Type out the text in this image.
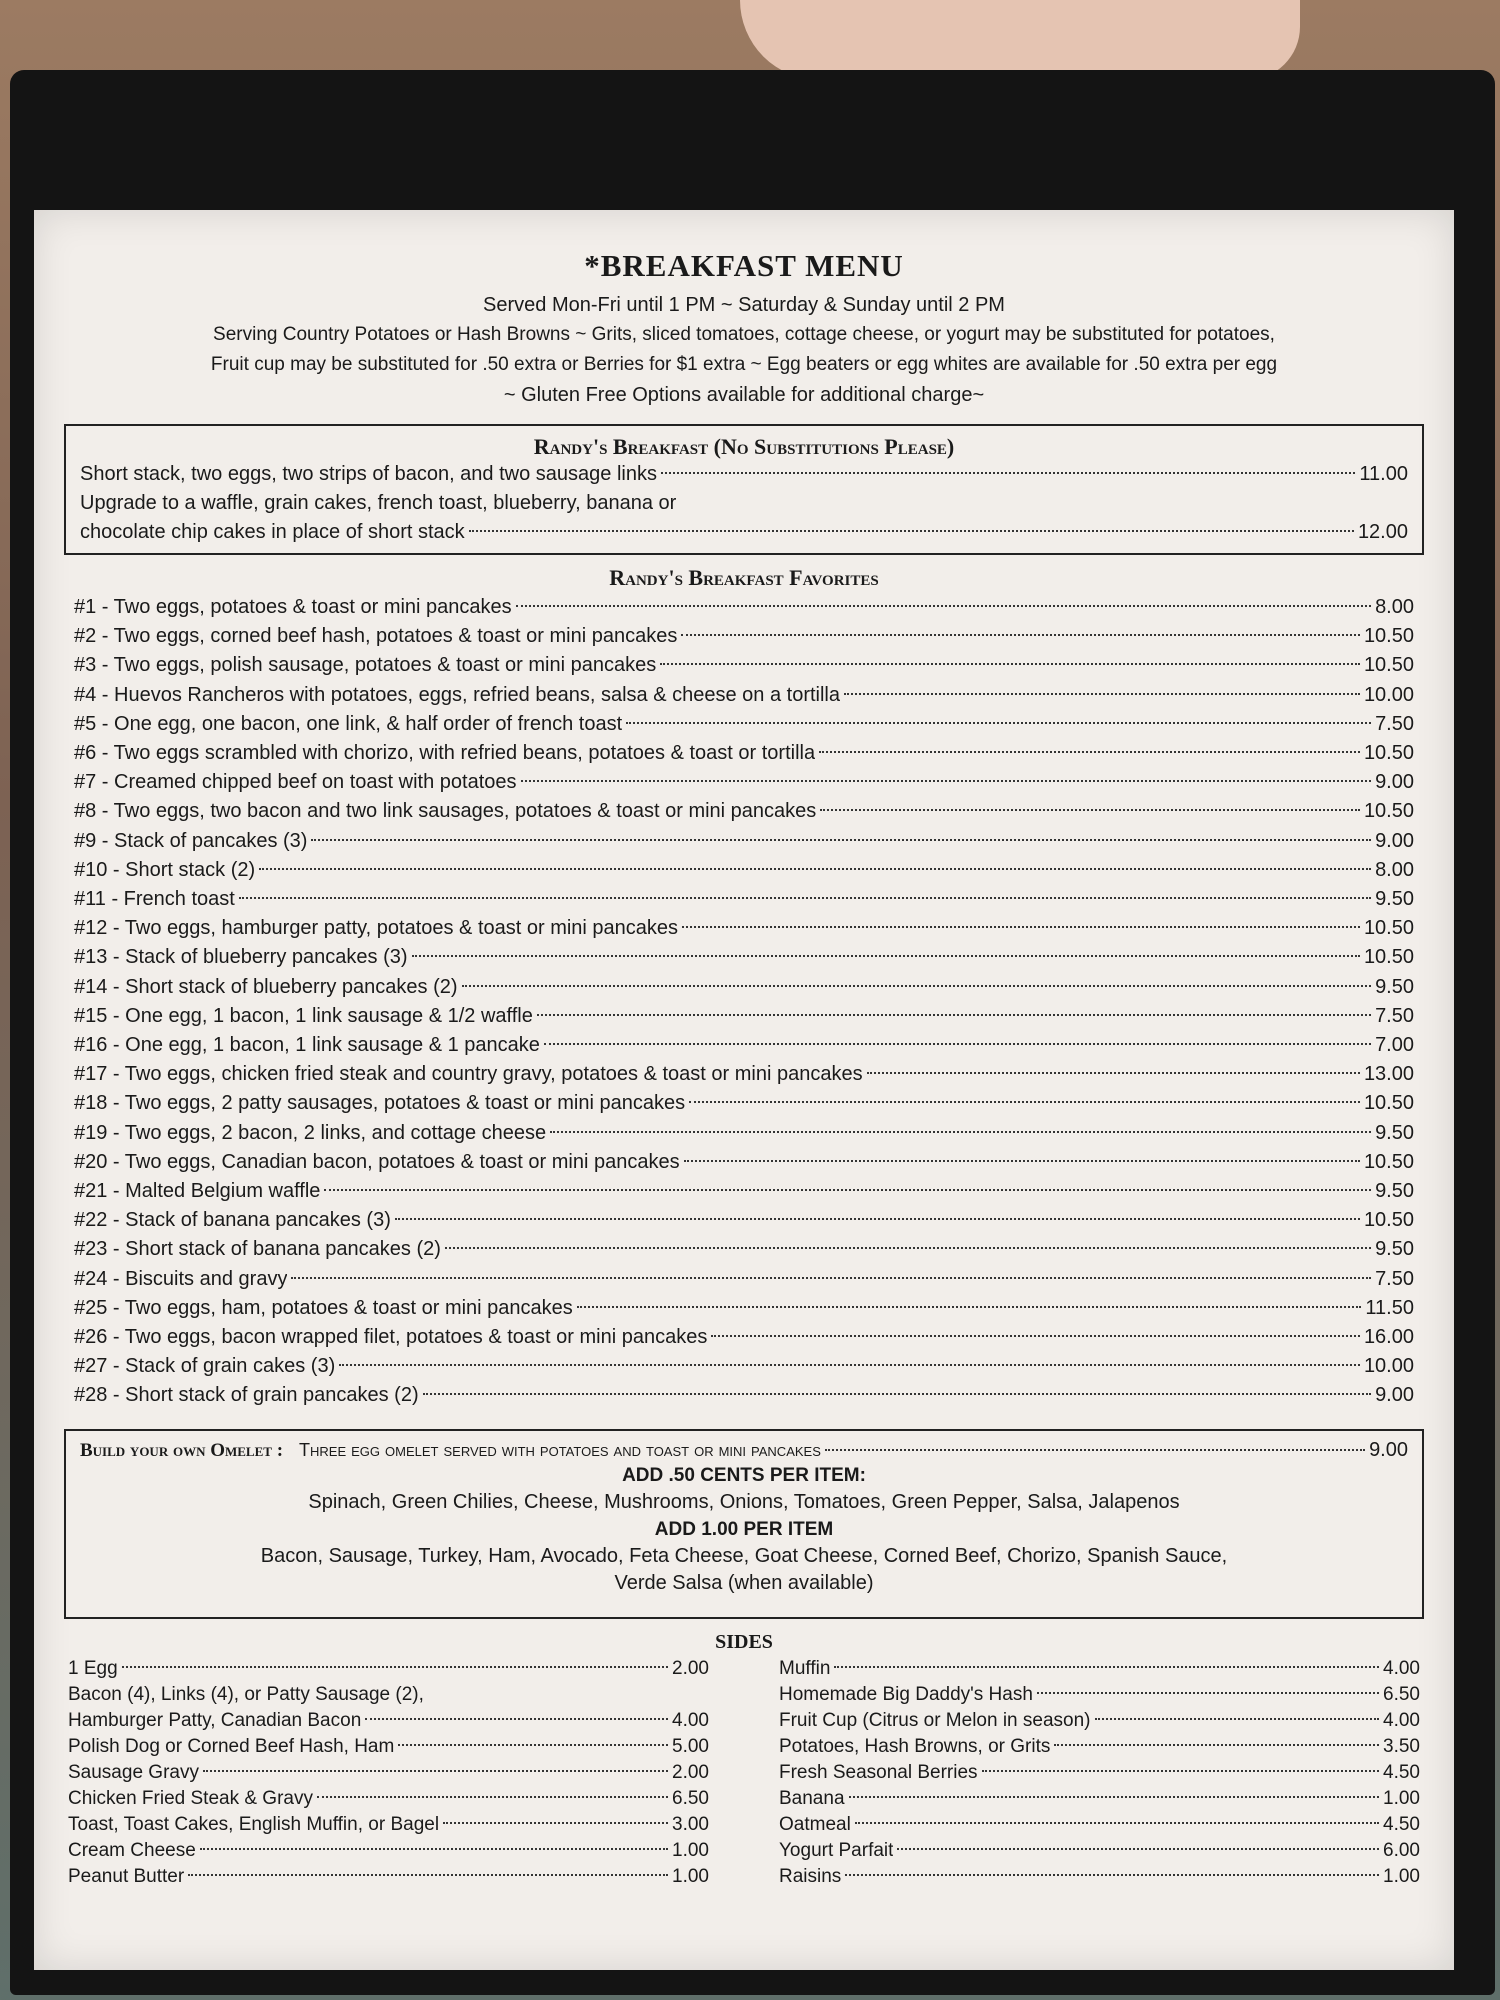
*BREAKFAST MENU
Served Mon-Fri until 1 PM ~ Saturday & Sunday until 2 PM
Serving Country Potatoes or Hash Browns ~ Grits, sliced tomatoes, cottage cheese, or yogurt may be substituted for potatoes,
Fruit cup may be substituted for .50 extra or Berries for $1 extra ~ Egg beaters or egg whites are available for .50 extra per egg
~ Gluten Free Options available for additional charge~
Randy's Breakfast (No Substitutions Please)
Short stack, two eggs, two strips of bacon, and two sausage links	11.00
Upgrade to a waffle, grain cakes, french toast, blueberry, banana or
chocolate chip cakes in place of short stack	12.00
Randy's Breakfast Favorites
#1 - Two eggs, potatoes & toast or mini pancakes	8.00
#2 - Two eggs, corned beef hash, potatoes & toast or mini pancakes	10.50
#3 - Two eggs, polish sausage, potatoes & toast or mini pancakes	10.50
#4 - Huevos Rancheros with potatoes, eggs, refried beans, salsa & cheese on a tortilla	10.00
#5 - One egg, one bacon, one link, & half order of french toast	7.50
#6 - Two eggs scrambled with chorizo, with refried beans, potatoes & toast or tortilla	10.50
#7 - Creamed chipped beef on toast with potatoes	9.00
#8 - Two eggs, two bacon and two link sausages, potatoes & toast or mini pancakes	10.50
#9 - Stack of pancakes (3)	9.00
#10 - Short stack (2)	8.00
#11 - French toast	9.50
#12 - Two eggs, hamburger patty, potatoes & toast or mini pancakes	10.50
#13 - Stack of blueberry pancakes (3)	10.50
#14 - Short stack of blueberry pancakes (2)	9.50
#15 - One egg, 1 bacon, 1 link sausage & 1/2 waffle	7.50
#16 - One egg, 1 bacon, 1 link sausage & 1 pancake	7.00
#17 - Two eggs, chicken fried steak and country gravy, potatoes & toast or mini pancakes	13.00
#18 - Two eggs, 2 patty sausages, potatoes & toast or mini pancakes	10.50
#19 - Two eggs, 2 bacon, 2 links, and cottage cheese	9.50
#20 - Two eggs, Canadian bacon, potatoes & toast or mini pancakes	10.50
#21 - Malted Belgium waffle	9.50
#22 - Stack of banana pancakes (3)	10.50
#23 - Short stack of banana pancakes (2)	9.50
#24 - Biscuits and gravy	7.50
#25 - Two eggs, ham, potatoes & toast or mini pancakes	11.50
#26 - Two eggs, bacon wrapped filet, potatoes & toast or mini pancakes	16.00
#27 - Stack of grain cakes (3)	10.00
#28 - Short stack of grain pancakes (2)	9.00
Build your own Omelet : Three egg omelet served with potatoes and toast or mini pancakes	9.00
ADD .50 CENTS PER ITEM:
Spinach, Green Chilies, Cheese, Mushrooms, Onions, Tomatoes, Green Pepper, Salsa, Jalapenos
ADD 1.00 PER ITEM
Bacon, Sausage, Turkey, Ham, Avocado, Feta Cheese, Goat Cheese, Corned Beef, Chorizo, Spanish Sauce,
Verde Salsa (when available)
SIDES
1 Egg	2.00
Bacon (4), Links (4), or Patty Sausage (2),
Hamburger Patty, Canadian Bacon	4.00
Polish Dog or Corned Beef Hash, Ham	5.00
Sausage Gravy	2.00
Chicken Fried Steak & Gravy	6.50
Toast, Toast Cakes, English Muffin, or Bagel	3.00
Cream Cheese	1.00
Peanut Butter	1.00
Muffin	4.00
Homemade Big Daddy's Hash	6.50
Fruit Cup (Citrus or Melon in season)	4.00
Potatoes, Hash Browns, or Grits	3.50
Fresh Seasonal Berries	4.50
Banana	1.00
Oatmeal	4.50
Yogurt Parfait	6.00
Raisins	1.00
